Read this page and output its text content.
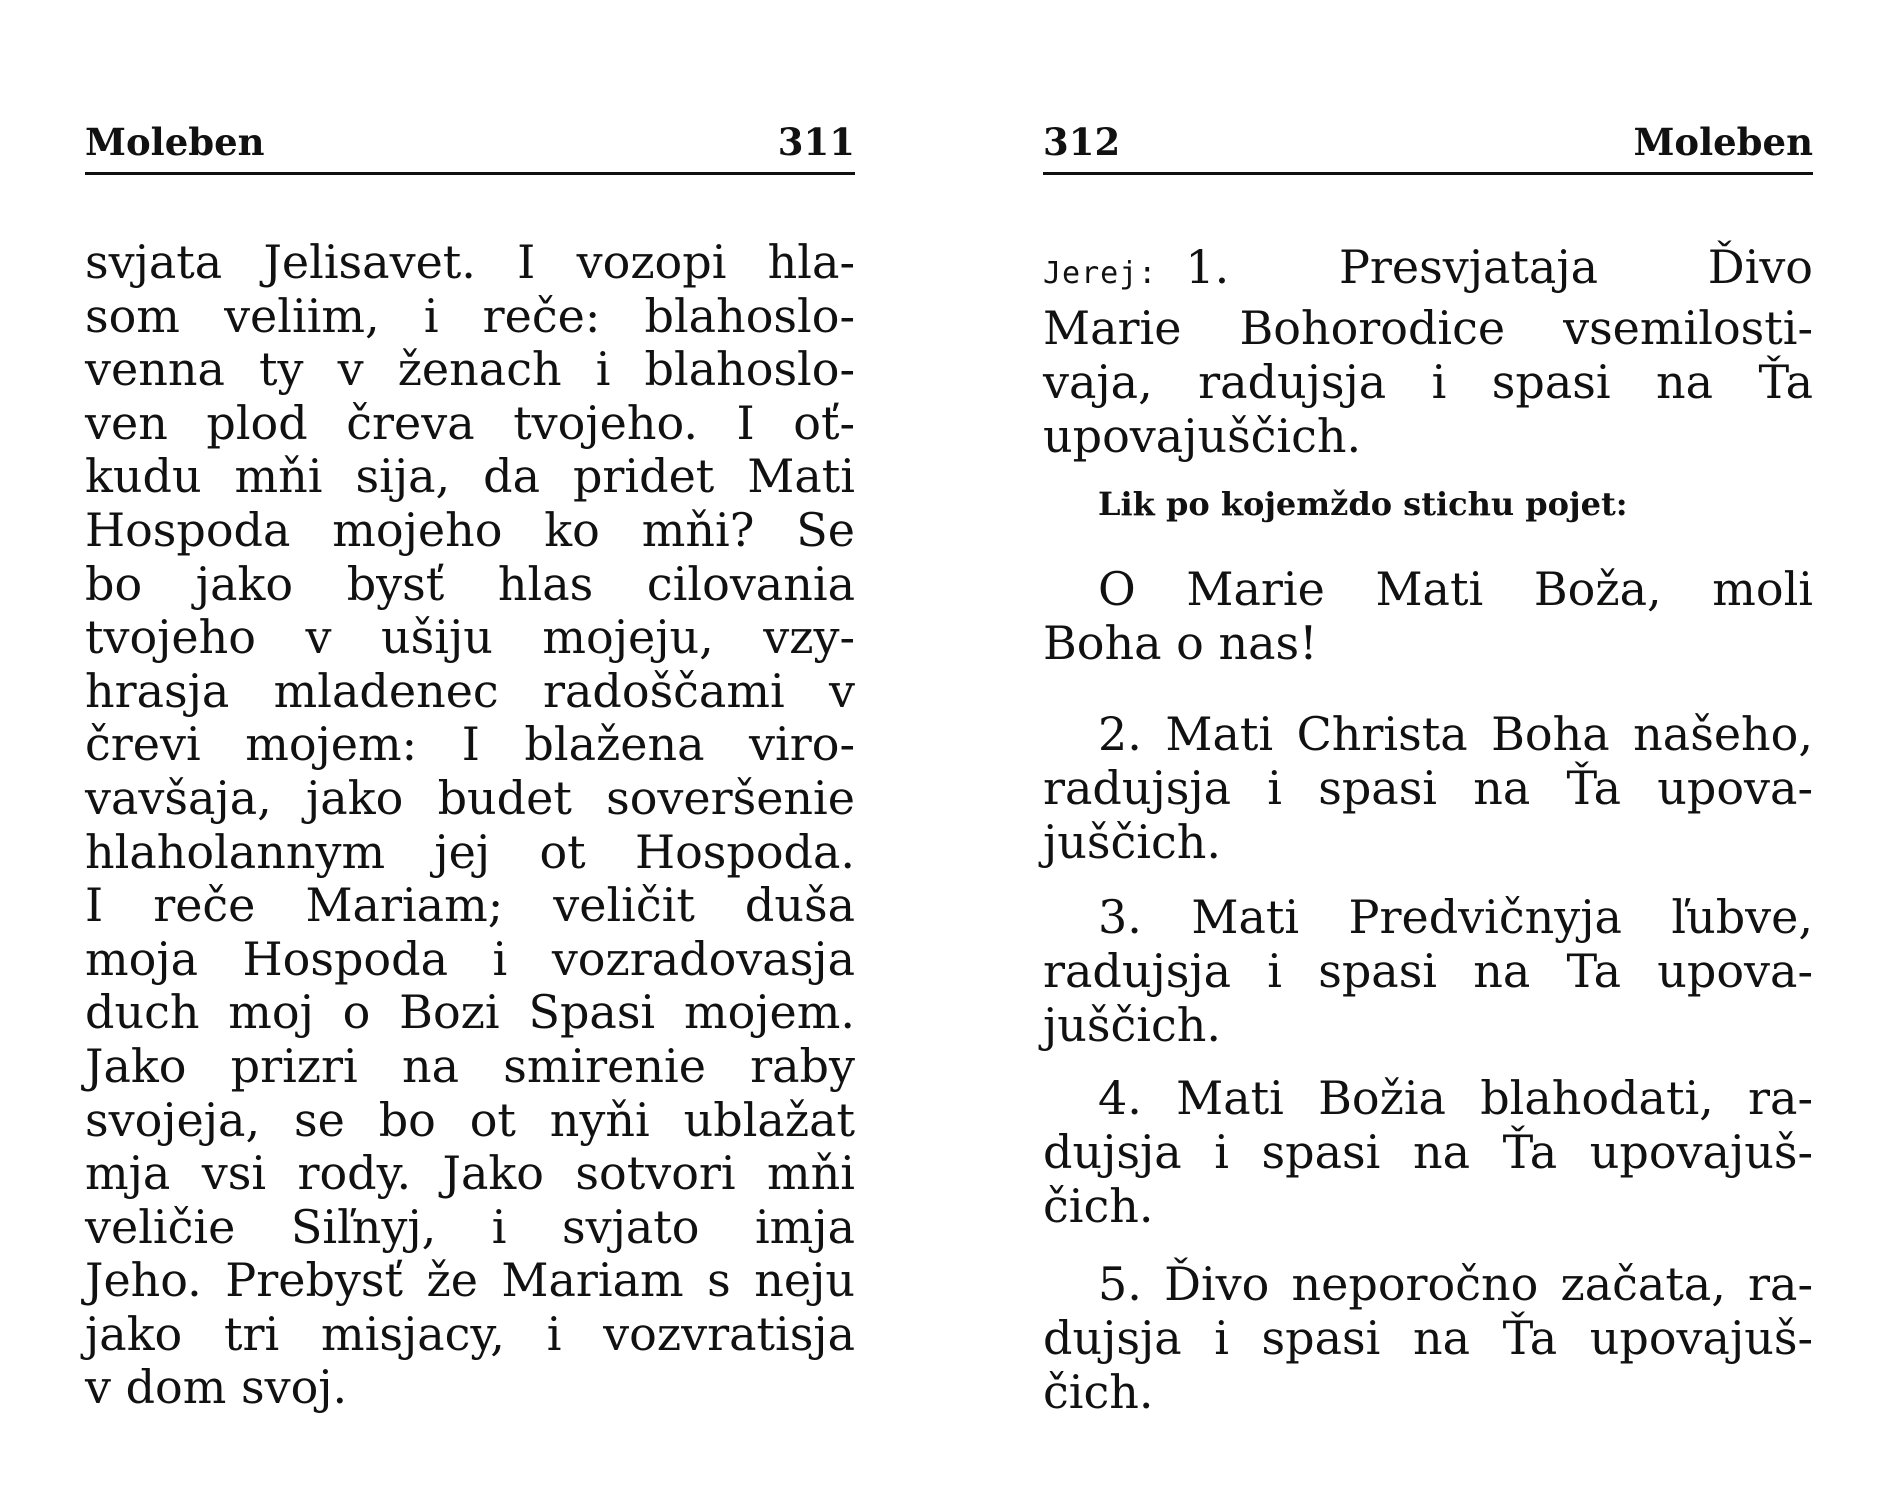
Moleben	311
svjata Jelisavet. I vozopi hla-
som veliim, i reče: blahoslo-
venna ty v ženach i blahoslo-
ven plod čreva tvojeho. I oť-
kudu mňi sija, da pridet Mati
Hospoda mojeho ko mňi? Se
bo jako bysť hlas cilovania
tvojeho v ušiju mojeju, vzy-
hrasja mladenec radoščami v
črevi mojem: I blažena viro-
vavšaja, jako budet soveršenie
hlaholannym jej ot Hospoda.
I reče Mariam; veličit duša
moja Hospoda i vozradovasja
duch moj o Bozi Spasi mojem.
Jako prizri na smirenie raby
svojeja, se bo ot nyňi ublažat
mja vsi rody. Jako sotvori mňi
veličie Siľnyj, i svjato imja
Jeho. Prebysť že Mariam s neju
jako tri misjacy, i vozvratisja
v dom svoj.
312	Moleben
Jerej: 1. Presvjataja Ďivo
Marie Bohorodice vsemilosti-
vaja, radujsja i spasi na Ťa
upovajuščich.
Lik po kojemždo stichu pojet:
O Marie Mati Boža, moli
Boha o nas!
2. Mati Christa Boha našeho,
radujsja i spasi na Ťa upova-
juščich.
3. Mati Predvičnyja ľubve,
radujsja i spasi na Ta upova-
juščich.
4. Mati Božia blahodati, ra-
dujsja i spasi na Ťa upovajuš-
čich.
5. Ďivo neporočno začata, ra-
dujsja i spasi na Ťa upovajuš-
čich.
